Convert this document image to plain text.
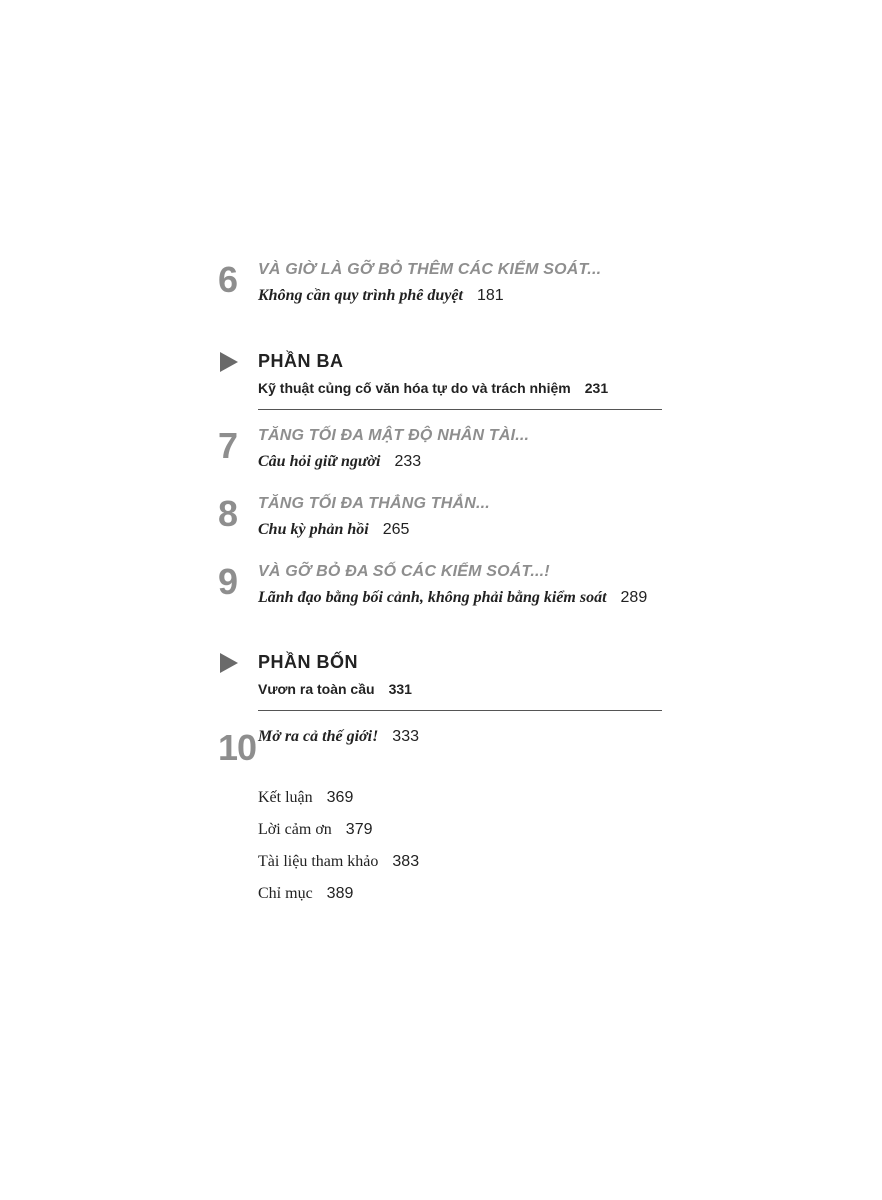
6 VÀ GIỜ LÀ GỠ BỎ THÊM CÁC KIỂM SOÁT...
Không cần quy trình phê duyệt 181
PHẦN BA
Kỹ thuật củng cố văn hóa tự do và trách nhiệm 231
7 TĂNG TỐI ĐA MẬT ĐỘ NHÂN TÀI...
Câu hỏi giữ người 233
8 TĂNG TỐI ĐA THẲNG THẮN...
Chu kỳ phản hồi 265
9 VÀ GỠ BỎ ĐA SỐ CÁC KIỂM SOÁT...!
Lãnh đạo bằng bối cảnh, không phải bằng kiểm soát 289
PHẦN BỐN
Vươn ra toàn cầu 331
10 Mở ra cả thế giới! 333
Kết luận 369
Lời cảm ơn 379
Tài liệu tham khảo 383
Chỉ mục 389
